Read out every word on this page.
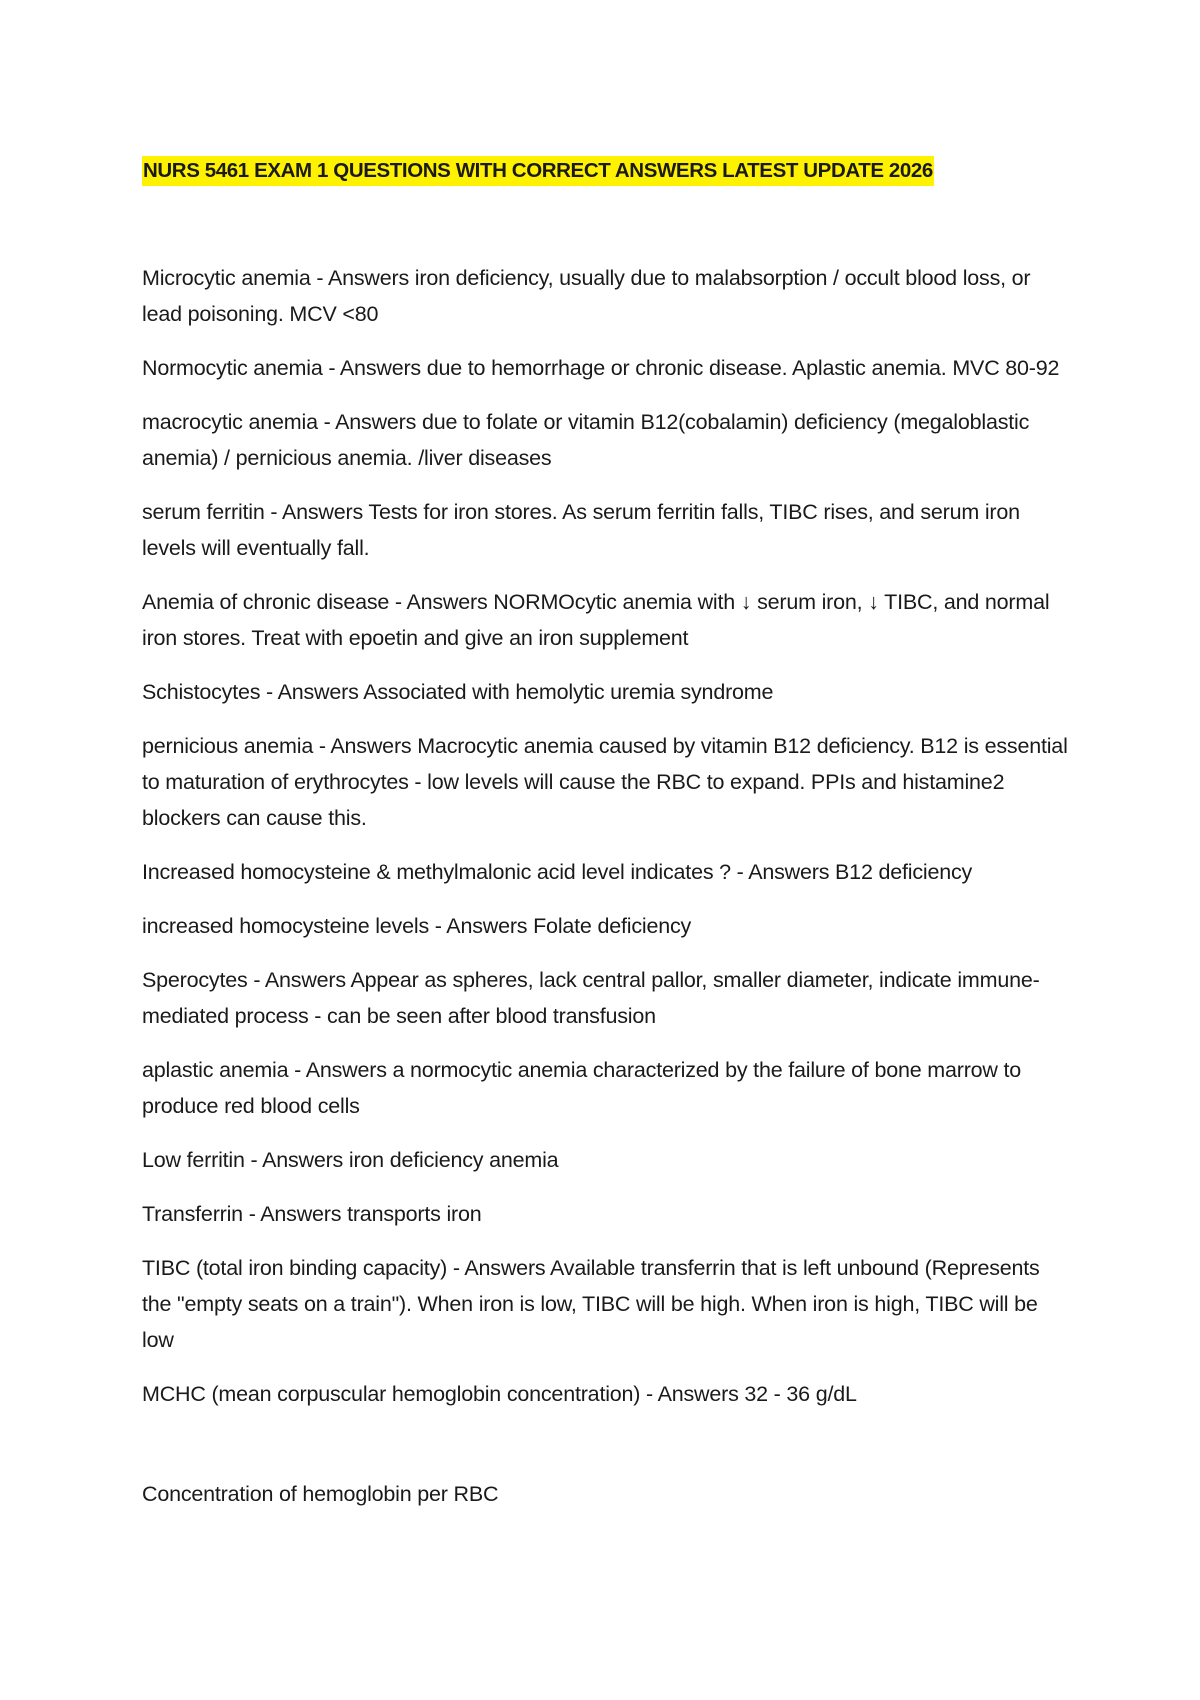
NURS 5461 EXAM 1 QUESTIONS WITH CORRECT ANSWERS LATEST UPDATE 2026

Microcytic anemia - Answers iron deficiency, usually due to malabsorption / occult blood loss, or lead poisoning. MCV <80

Normocytic anemia - Answers due to hemorrhage or chronic disease. Aplastic anemia. MVC 80-92

macrocytic anemia - Answers due to folate or vitamin B12(cobalamin) deficiency (megaloblastic anemia) / pernicious anemia. /liver diseases

serum ferritin - Answers Tests for iron stores. As serum ferritin falls, TIBC rises, and serum iron levels will eventually fall.

Anemia of chronic disease - Answers NORMOcytic anemia with ↓ serum iron, ↓ TIBC, and normal iron stores. Treat with epoetin and give an iron supplement

Schistocytes - Answers Associated with hemolytic uremia syndrome

pernicious anemia - Answers Macrocytic anemia caused by vitamin B12 deficiency. B12 is essential to maturation of erythrocytes - low levels will cause the RBC to expand. PPIs and histamine2 blockers can cause this.

Increased homocysteine & methylmalonic acid level indicates ? - Answers B12 deficiency

increased homocysteine levels - Answers Folate deficiency

Sperocytes - Answers Appear as spheres, lack central pallor, smaller diameter, indicate immune-mediated process - can be seen after blood transfusion

aplastic anemia - Answers a normocytic anemia characterized by the failure of bone marrow to produce red blood cells

Low ferritin - Answers iron deficiency anemia

Transferrin - Answers transports iron

TIBC (total iron binding capacity) - Answers Available transferrin that is left unbound (Represents the "empty seats on a train"). When iron is low, TIBC will be high. When iron is high, TIBC will be low

MCHC (mean corpuscular hemoglobin concentration) - Answers 32 - 36 g/dL

Concentration of hemoglobin per RBC
